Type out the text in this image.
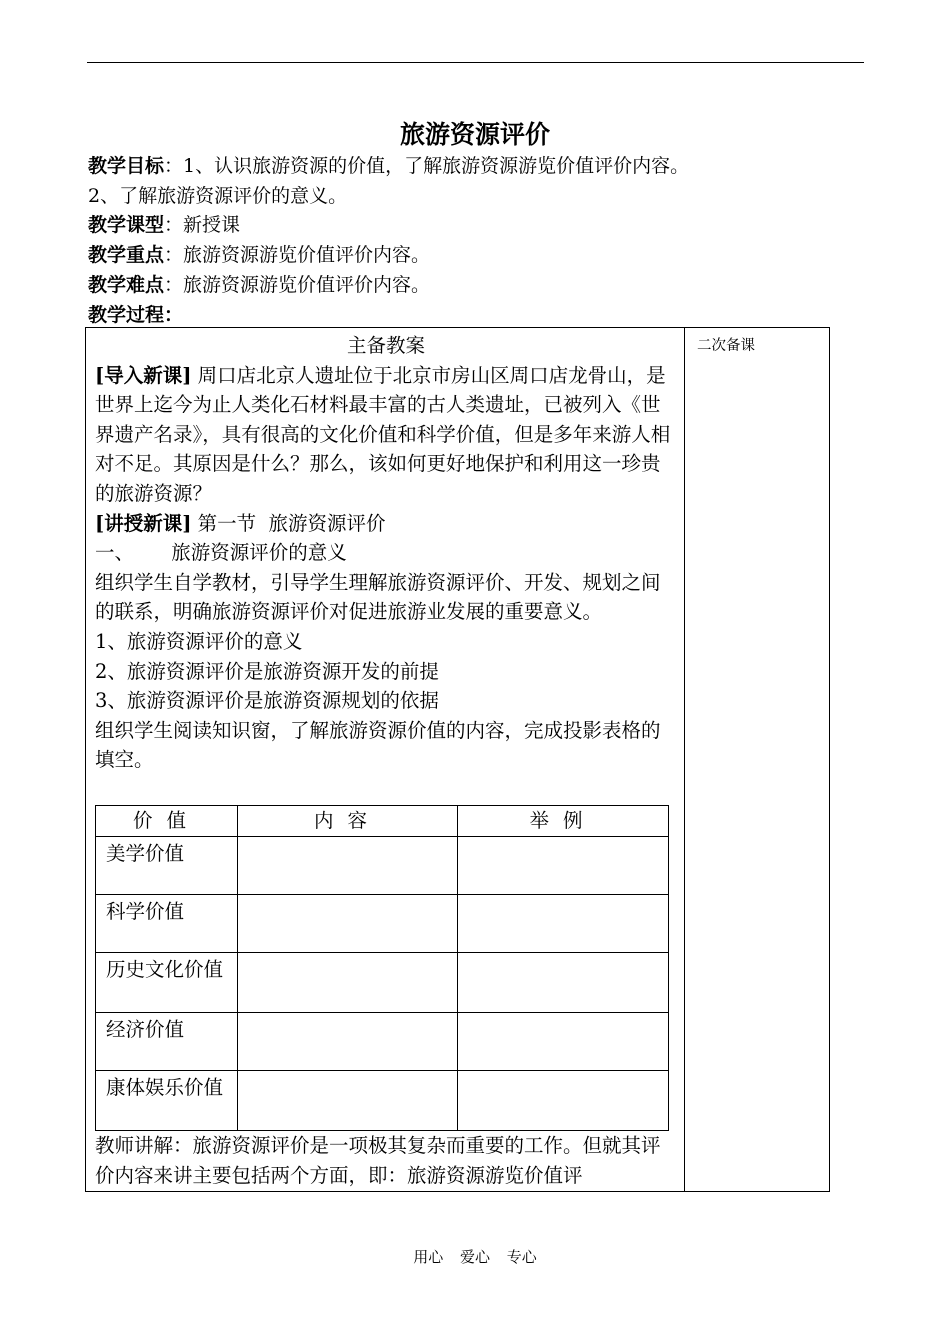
旅游资源评价
教学目标：1、认识旅游资源的价值，了解旅游资源游览价值评价内容。
2、了解旅游资源评价的意义。
教学课型：新授课
教学重点：旅游资源游览价值评价内容。
教学难点：旅游资源游览价值评价内容。
教学过程：
二次备课

主备教案

[导入新课] 周口店北京人遗址位于北京市房山区周口店龙骨山，是世界上迄今为止人类化石材料最丰富的古人类遗址，已被列入《世界遗产名录》，具有很高的文化价值和科学价值，但是多年来游人相对不足。其原因是什么？那么，该如何更好地保护和利用这一珍贵的旅游资源？

[讲授新课] 第一节  旅游资源评价

一、      旅游资源评价的意义

组织学生自学教材，引导学生理解旅游资源评价、开发、规划之间的联系，明确旅游资源评价对促进旅游业发展的重要意义。

1、旅游资源评价的意义

2、旅游资源评价是旅游资源开发的前提

3、旅游资源评价是旅游资源规划的依据

组织学生阅读知识窗，了解旅游资源价值的内容，完成投影表格的填空。

价值	内容	举例
美学价值		
科学价值		
历史文化价值		
经济价值		
康体娱乐价值		

教师讲解：旅游资源评价是一项极其复杂而重要的工作。但就其评价内容来讲主要包括两个方面，即：旅游资源游览价值评

用心 爱心 专心
